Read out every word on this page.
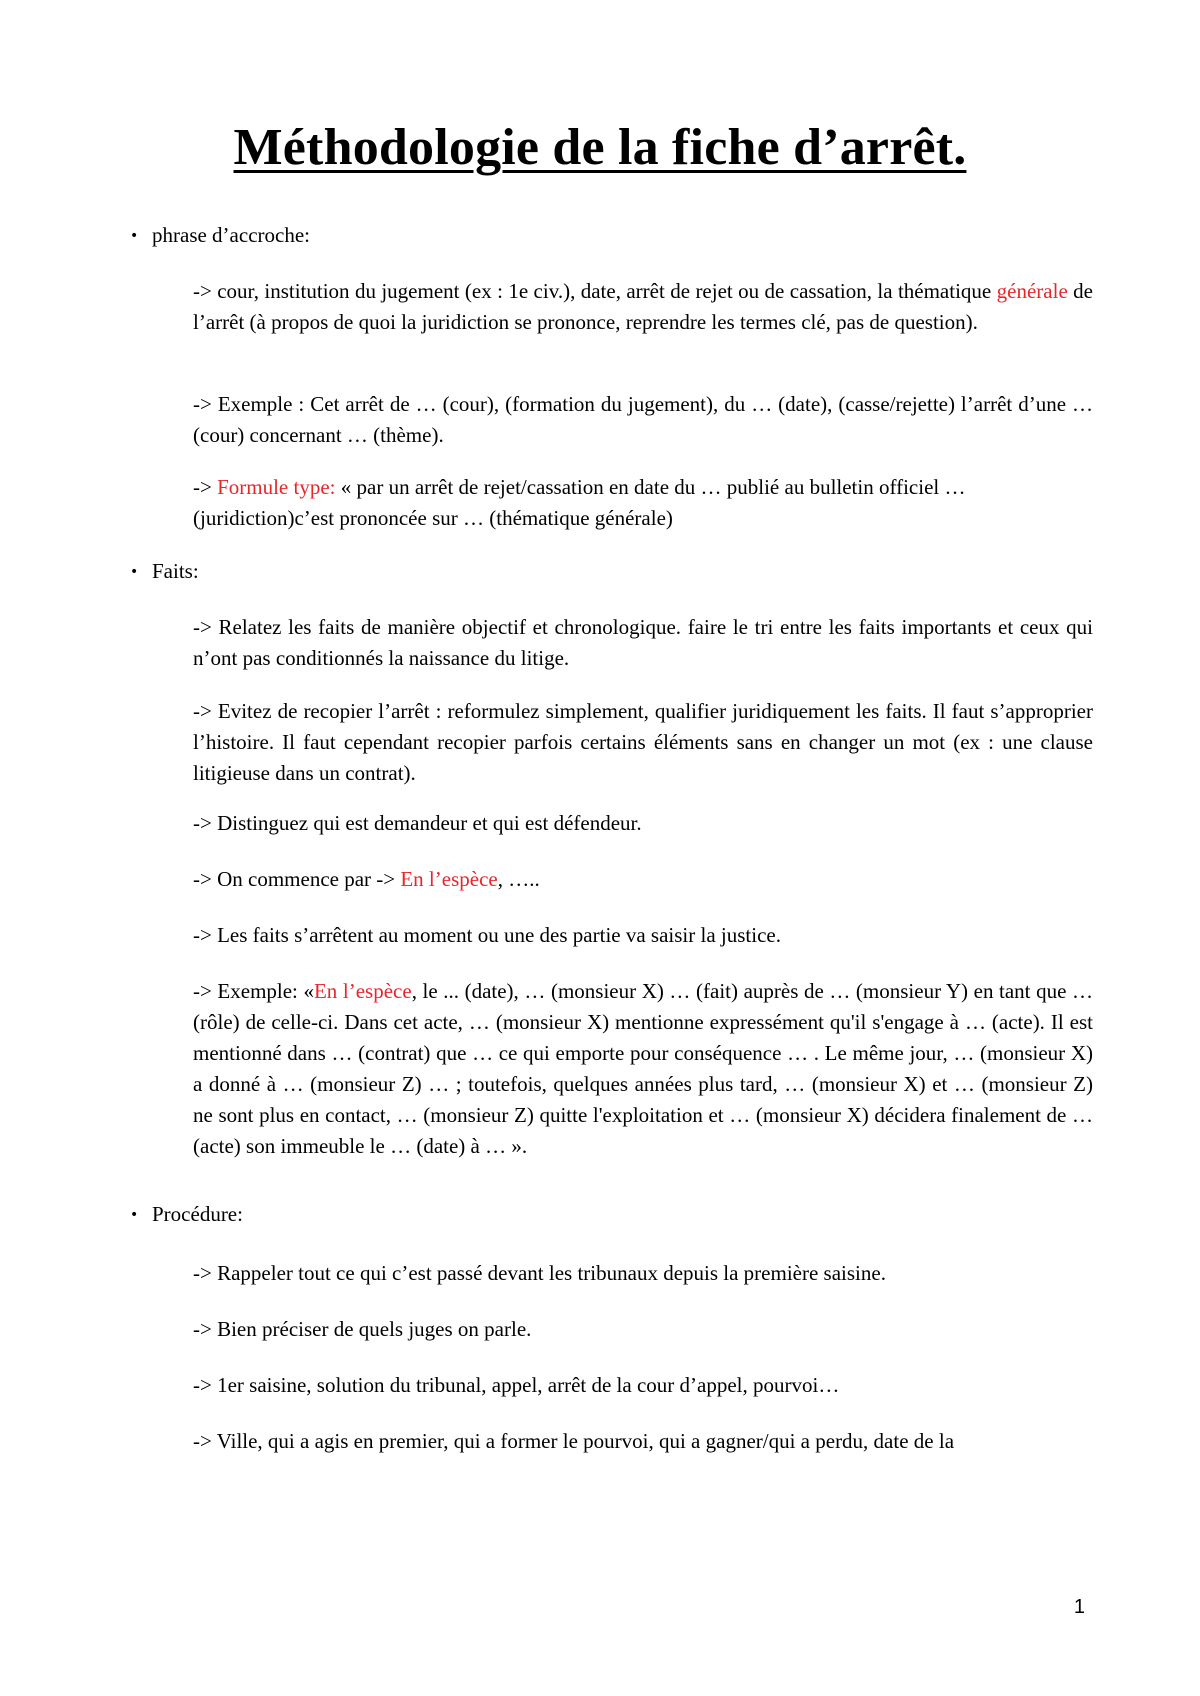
Méthodologie de la fiche d’arrêt.
• phrase d’accroche:
-> cour, institution du jugement (ex : 1e civ.), date, arrêt de rejet ou de cassation, la thématique générale de l’arrêt (à propos de quoi la juridiction se prononce, reprendre les termes clé, pas de question).
-> Exemple : Cet arrêt de … (cour), (formation du jugement), du … (date), (casse/rejette) l’arrêt d’une … (cour) concernant … (thème).
-> Formule type: « par un arrêt de rejet/cassation en date du … publié au bulletin officiel … (juridiction)c’est prononcée sur … (thématique générale)
• Faits:
-> Relatez les faits de manière objectif et chronologique. faire le tri entre les faits importants et ceux qui n’ont pas conditionnés la naissance du litige.
-> Evitez de recopier l’arrêt : reformulez simplement, qualifier juridiquement les faits. Il faut s’approprier l’histoire. Il faut cependant recopier parfois certains éléments sans en changer un mot (ex : une clause litigieuse dans un contrat).
-> Distinguez qui est demandeur et qui est défendeur.
-> On commence par -> En l’espèce, …..
-> Les faits s’arrêtent au moment ou une des partie va saisir la justice.
-> Exemple: «En l’espèce, le ... (date), … (monsieur X) … (fait) auprès de … (monsieur Y) en tant que … (rôle) de celle-ci. Dans cet acte, … (monsieur X) mentionne expressément qu'il s'engage à … (acte). Il est mentionné dans … (contrat) que … ce qui emporte pour conséquence … . Le même jour, … (monsieur X) a donné à … (monsieur Z) … ; toutefois, quelques années plus tard, … (monsieur X) et … (monsieur Z) ne sont plus en contact, … (monsieur Z) quitte l'exploitation et … (monsieur X) décidera finalement de … (acte) son immeuble le … (date) à … ».
• Procédure:
-> Rappeler tout ce qui c’est passé devant les tribunaux depuis la première saisine.
-> Bien préciser de quels juges on parle.
-> 1er saisine, solution du tribunal, appel, arrêt de la cour d’appel, pourvoi…
-> Ville, qui a agis en premier, qui a former le pourvoi, qui a gagner/qui a perdu, date de la
1
